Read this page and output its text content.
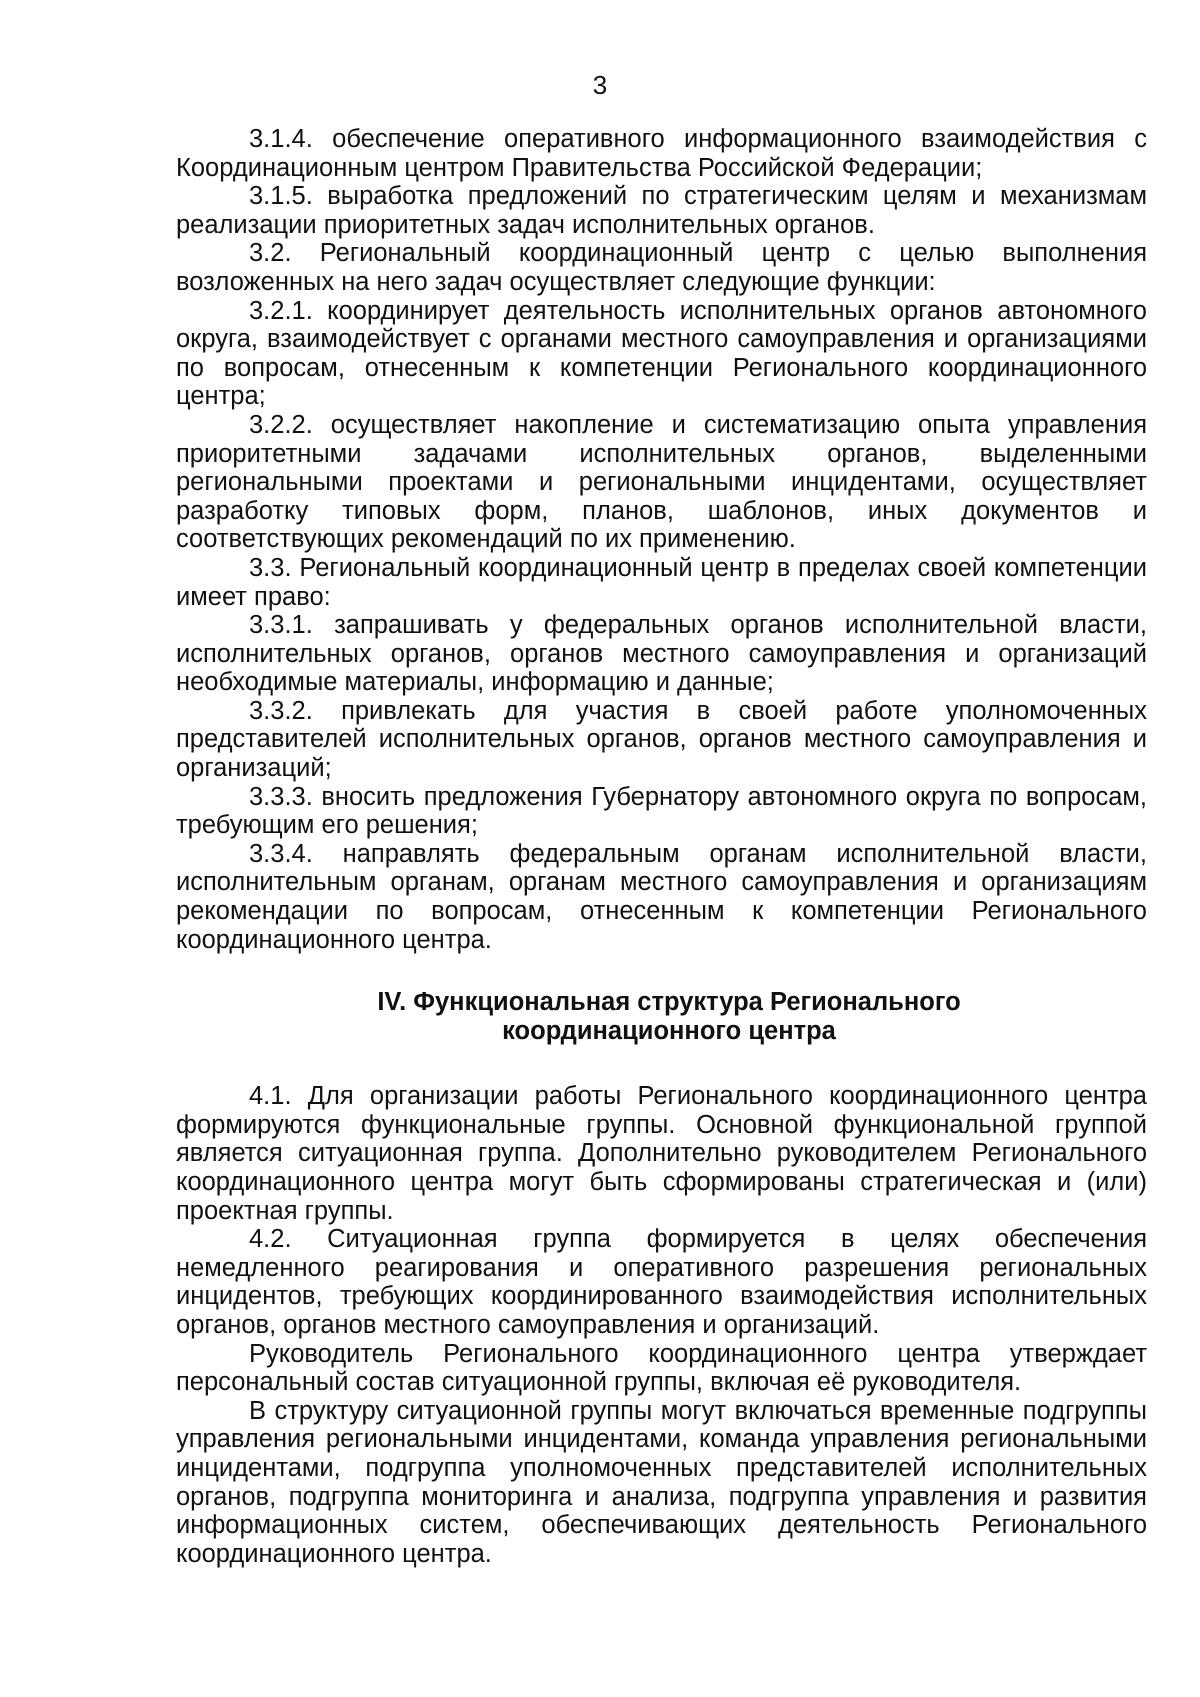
3

3.1.4. обеспечение оперативного информационного взаимодействия с Координационным центром Правительства Российской Федерации;

3.1.5. выработка предложений по стратегическим целям и механизмам реализации приоритетных задач исполнительных органов.

3.2. Региональный координационный центр с целью выполнения возложенных на него задач осуществляет следующие функции:

3.2.1. координирует деятельность исполнительных органов автономного округа, взаимодействует с органами местного самоуправления и организациями по вопросам, отнесенным к компетенции Регионального координационного центра;

3.2.2. осуществляет накопление и систематизацию опыта управления приоритетными задачами исполнительных органов, выделенными региональными проектами и региональными инцидентами, осуществляет разработку типовых форм, планов, шаблонов, иных документов и соответствующих рекомендаций по их применению.

3.3. Региональный координационный центр в пределах своей компетенции имеет право:

3.3.1. запрашивать у федеральных органов исполнительной власти, исполнительных органов, органов местного самоуправления и организаций необходимые материалы, информацию и данные;

3.3.2. привлекать для участия в своей работе уполномоченных представителей исполнительных органов, органов местного самоуправления и организаций;

3.3.3. вносить предложения Губернатору автономного округа по вопросам, требующим его решения;

3.3.4. направлять федеральным органам исполнительной власти, исполнительным органам, органам местного самоуправления и организациям рекомендации по вопросам, отнесенным к компетенции Регионального координационного центра.

IV. Функциональная структура Регионального
координационного центра

4.1. Для организации работы Регионального координационного центра формируются функциональные группы. Основной функциональной группой является ситуационная группа. Дополнительно руководителем Регионального координационного центра могут быть сформированы стратегическая и (или) проектная группы.

4.2. Ситуационная группа формируется в целях обеспечения немедленного реагирования и оперативного разрешения региональных инцидентов, требующих координированного взаимодействия исполнительных органов, органов местного самоуправления и организаций.

Руководитель Регионального координационного центра утверждает персональный состав ситуационной группы, включая её руководителя.

В структуру ситуационной группы могут включаться временные подгруппы управления региональными инцидентами, команда управления региональными инцидентами, подгруппа уполномоченных представителей исполнительных органов, подгруппа мониторинга и анализа, подгруппа управления и развития информационных систем, обеспечивающих деятельность Регионального координационного центра.
